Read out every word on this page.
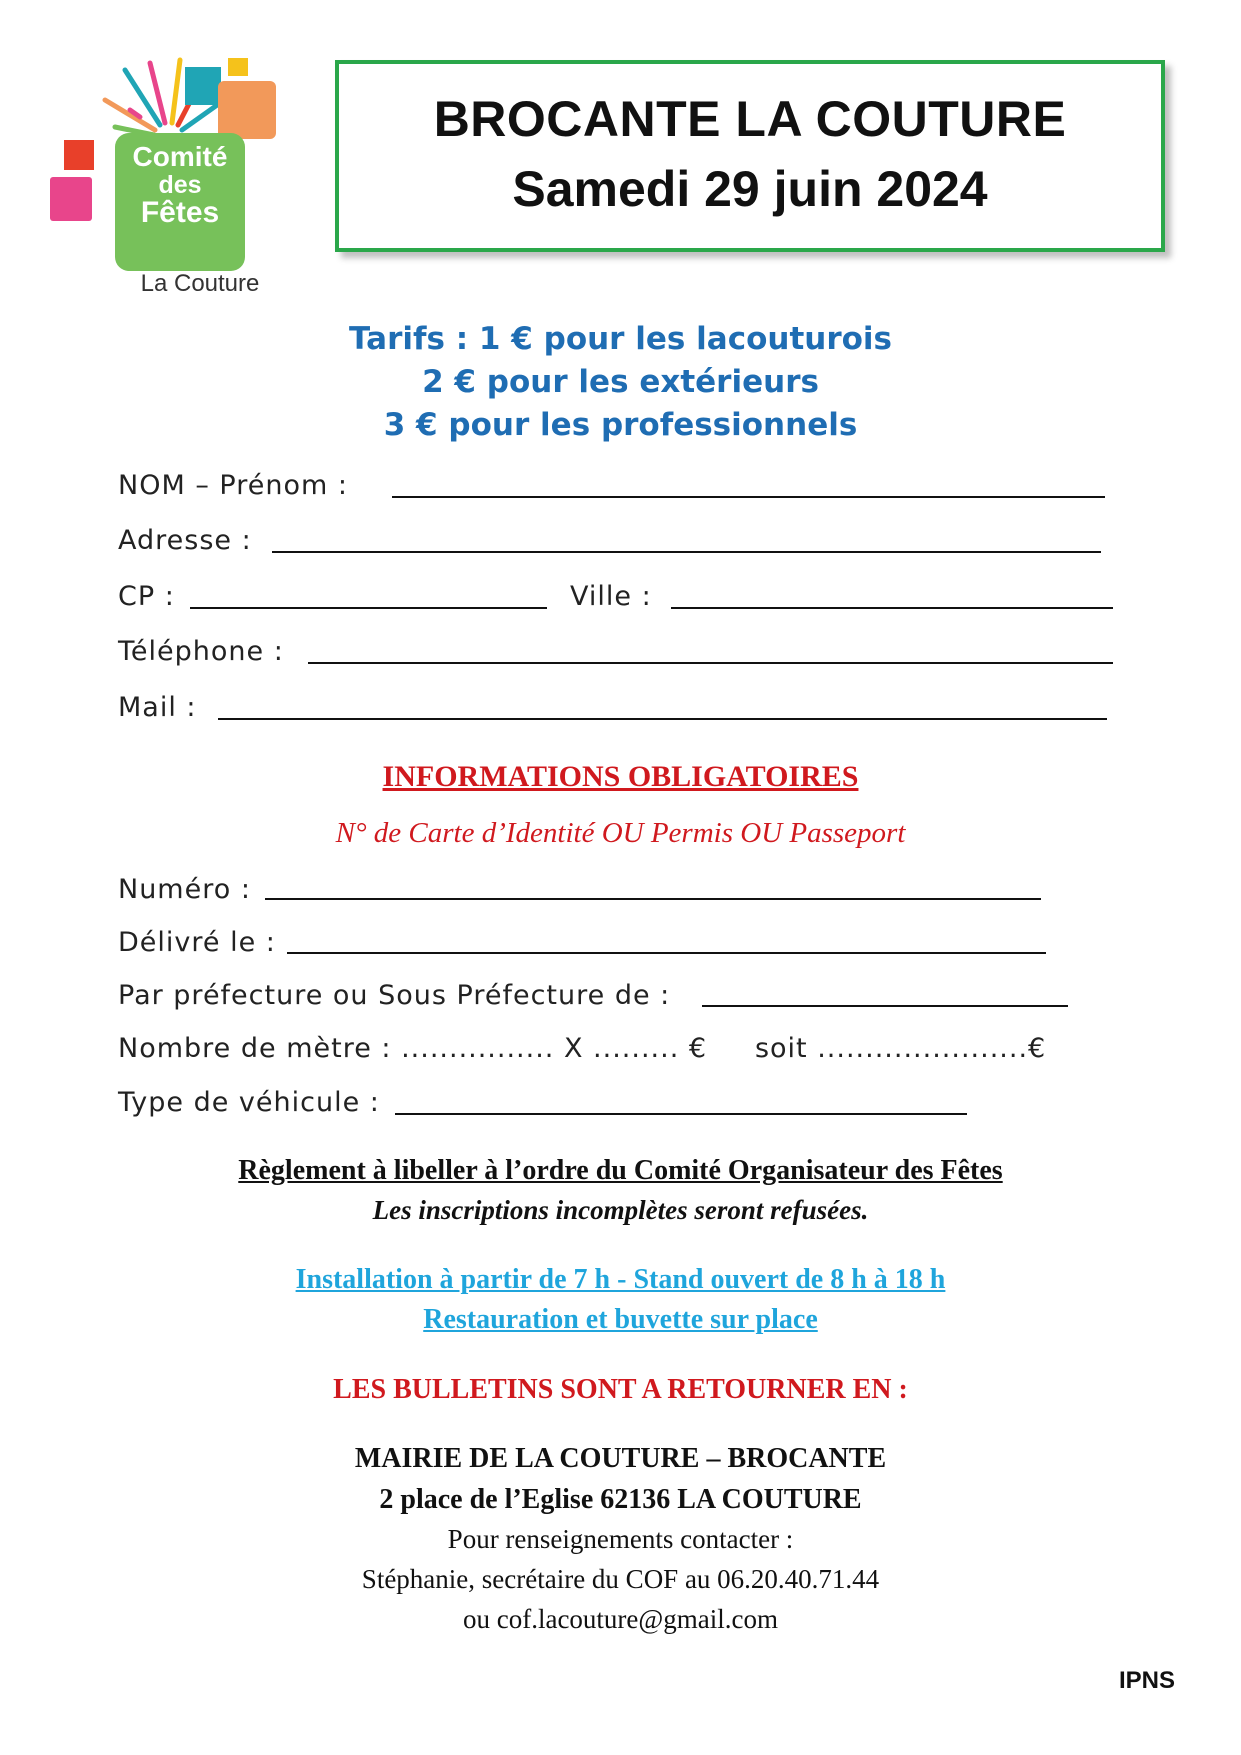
Comité
des
Fêtes
La Couture
BROCANTE LA COUTURE
Samedi 29 juin 2024
Tarifs : 1 € pour les lacouturois
2 € pour les extérieurs
3 € pour les professionnels
NOM – Prénom :
Adresse :
CP :	Ville :
Téléphone :
Mail :
INFORMATIONS OBLIGATOIRES
N° de Carte d’Identité OU Permis OU Passeport
Numéro :
Délivré le :
Par préfecture ou Sous Préfecture de :
Nombre de mètre : ................ X ......... €     soit ......................€
Type de véhicule :
Règlement à libeller à l’ordre du Comité Organisateur des Fêtes
Les inscriptions incomplètes seront refusées.
Installation à partir de 7 h - Stand ouvert de 8 h à 18 h
Restauration et buvette sur place
LES BULLETINS SONT A RETOURNER EN :
MAIRIE DE LA COUTURE – BROCANTE
2 place de l’Eglise 62136 LA COUTURE
Pour renseignements contacter :
Stéphanie, secrétaire du COF au 06.20.40.71.44
ou cof.lacouture@gmail.com
IPNS
